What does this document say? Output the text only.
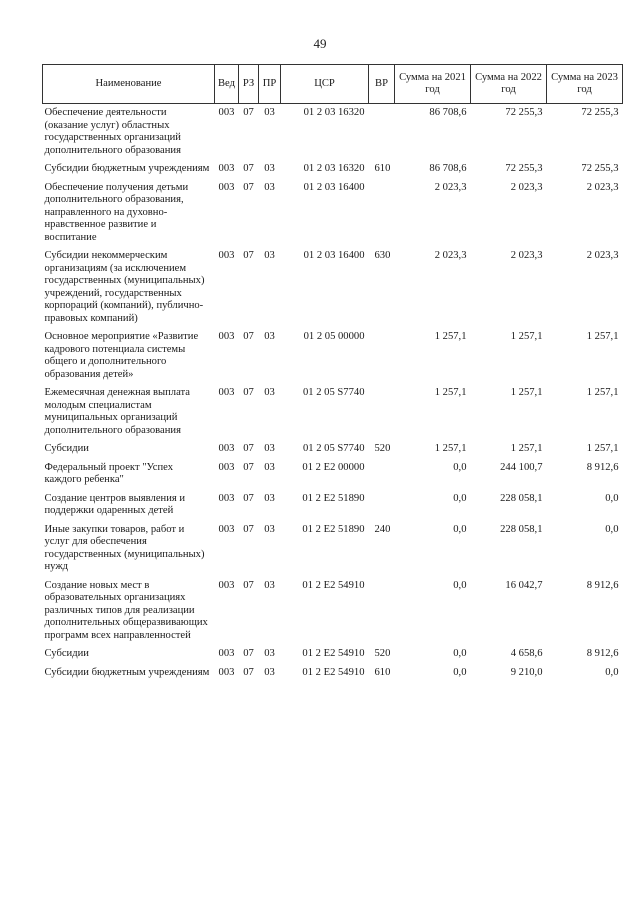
49
Наименование	Вед	РЗ	ПР	ЦСР	ВР	Сумма на 2021 год	Сумма на 2022 год	Сумма на 2023 год
Обеспечение деятельности (оказание услуг) областных государственных организаций дополнительного образования	003	07	03	01 2 03 16320		86 708,6	72 255,3	72 255,3
Субсидии бюджетным учреждениям	003	07	03	01 2 03 16320	610	86 708,6	72 255,3	72 255,3
Обеспечение получения детьми дополнительного образования, направленного на духовно-нравственное развитие и воспитание	003	07	03	01 2 03 16400		2 023,3	2 023,3	2 023,3
Субсидии некоммерческим организациям (за исключением государственных (муниципальных) учреждений, государственных корпораций (компаний), публично-правовых компаний)	003	07	03	01 2 03 16400	630	2 023,3	2 023,3	2 023,3
Основное мероприятие «Развитие кадрового потенциала системы общего и дополнительного образования детей»	003	07	03	01 2 05 00000		1 257,1	1 257,1	1 257,1
Ежемесячная денежная выплата молодым специалистам муниципальных организаций дополнительного образования	003	07	03	01 2 05 S7740		1 257,1	1 257,1	1 257,1
Субсидии	003	07	03	01 2 05 S7740	520	1 257,1	1 257,1	1 257,1
Федеральный проект "Успех каждого ребенка"	003	07	03	01 2 E2 00000		0,0	244 100,7	8 912,6
Создание центров выявления и поддержки одаренных детей	003	07	03	01 2 E2 51890		0,0	228 058,1	0,0
Иные закупки товаров, работ и услуг для обеспечения государственных (муниципальных) нужд	003	07	03	01 2 E2 51890	240	0,0	228 058,1	0,0
Создание новых мест в образовательных организациях различных типов для реализации дополнительных общеразвивающих программ всех направленностей	003	07	03	01 2 E2 54910		0,0	16 042,7	8 912,6
Субсидии	003	07	03	01 2 E2 54910	520	0,0	4 658,6	8 912,6
Субсидии бюджетным учреждениям	003	07	03	01 2 E2 54910	610	0,0	9 210,0	0,0
